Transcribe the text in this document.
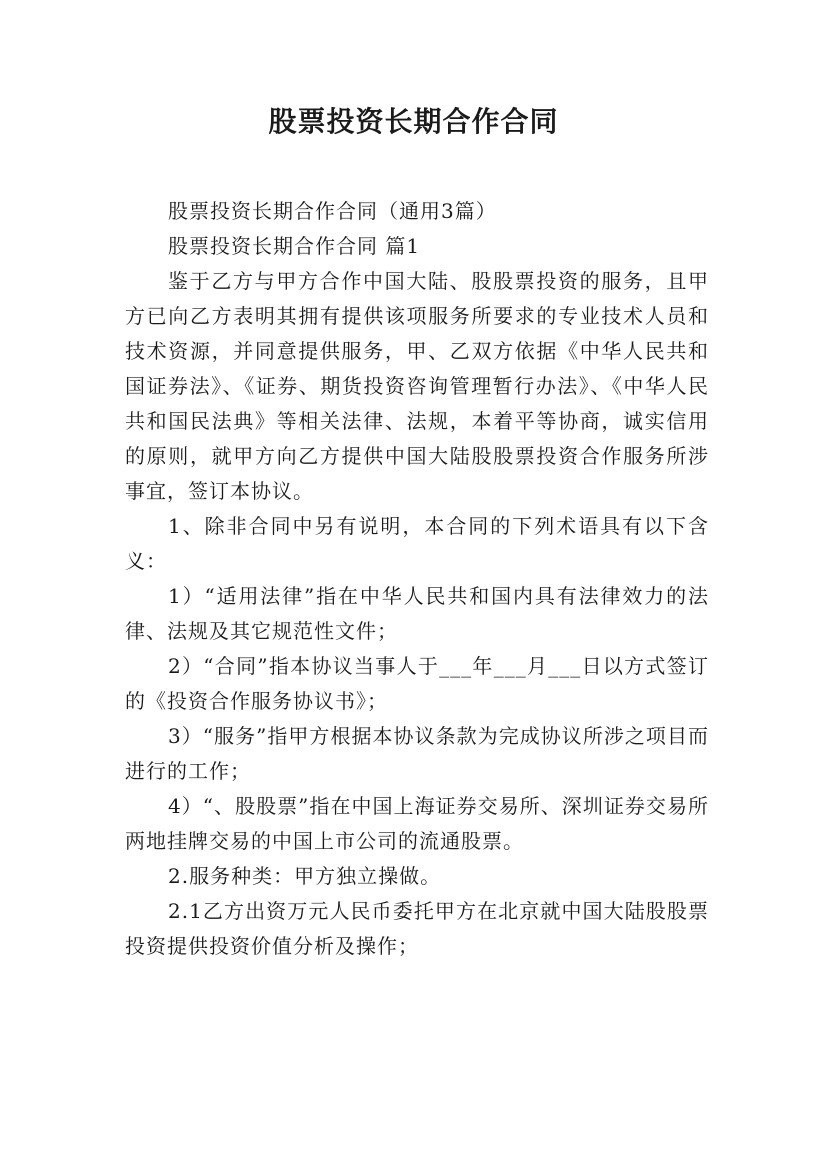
股票投资长期合作合同

股票投资长期合作合同（通用3篇）

股票投资长期合作合同 篇1

鉴于乙方与甲方合作中国大陆、股股票投资的服务，且甲方已向乙方表明其拥有提供该项服务所要求的专业技术人员和技术资源，并同意提供服务，甲、乙双方依据《中华人民共和国证券法》、《证券、期货投资咨询管理暂行办法》、《中华人民共和国民法典》等相关法律、法规，本着平等协商，诚实信用的原则，就甲方向乙方提供中国大陆股股票投资合作服务所涉事宜，签订本协议。

1、除非合同中另有说明，本合同的下列术语具有以下含义：

1）“适用法律”指在中华人民共和国内具有法律效力的法律、法规及其它规范性文件；

2）“合同”指本协议当事人于___年___月___日以方式签订的《投资合作服务协议书》；

3）“服务”指甲方根据本协议条款为完成协议所涉之项目而进行的工作；

4）“、股股票”指在中国上海证券交易所、深圳证券交易所两地挂牌交易的中国上市公司的流通股票。

2.服务种类：甲方独立操做。

2.1乙方出资万元人民币委托甲方在北京就中国大陆股股票投资提供投资价值分析及操作；
